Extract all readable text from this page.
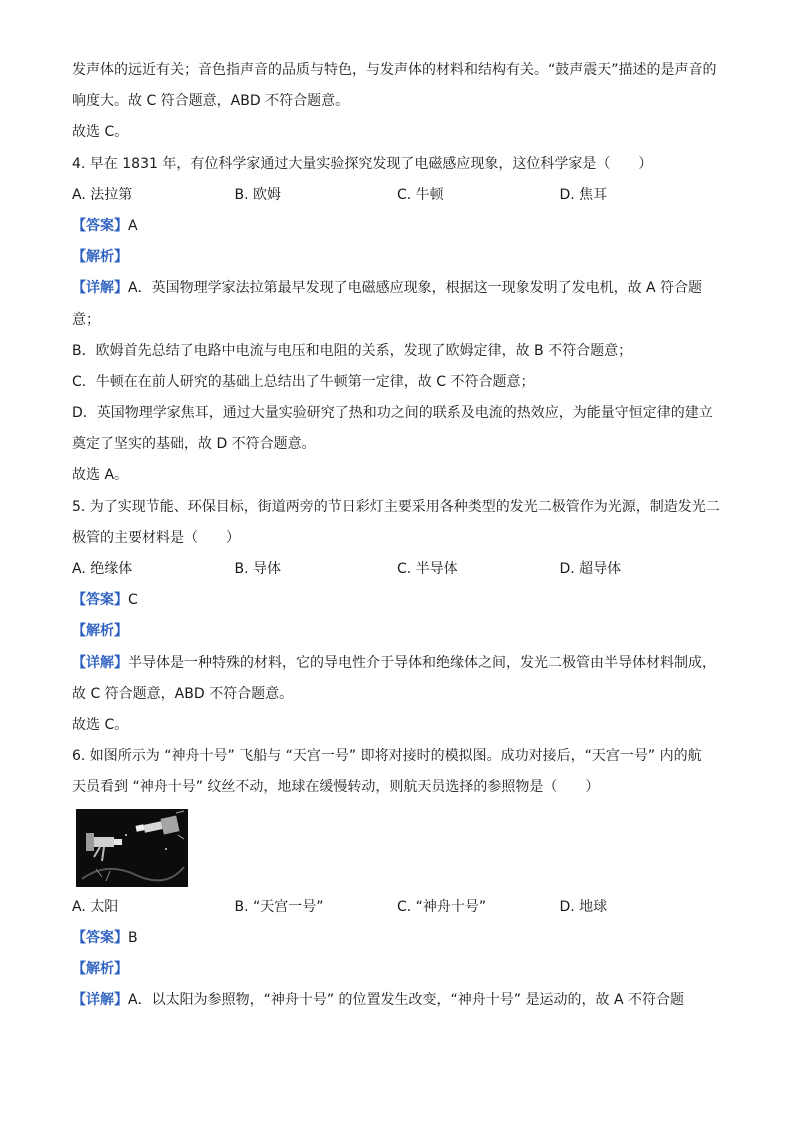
发声体的远近有关；音色指声音的品质与特色，与发声体的材料和结构有关。“鼓声震天”描述的是声音的
响度大。故 C 符合题意，ABD 不符合题意。
故选 C。
4. 早在 1831 年，有位科学家通过大量实验探究发现了电磁感应现象，这位科学家是（　　）
A. 法拉第	B. 欧姆	C. 牛顿	D. 焦耳
【答案】A
【解析】
【详解】A．英国物理学家法拉第最早发现了电磁感应现象，根据这一现象发明了发电机，故 A 符合题
意；
B．欧姆首先总结了电路中电流与电压和电阻的关系，发现了欧姆定律，故 B 不符合题意；
C．牛顿在在前人研究的基础上总结出了牛顿第一定律，故 C 不符合题意；
D．英国物理学家焦耳，通过大量实验研究了热和功之间的联系及电流的热效应，为能量守恒定律的建立
奠定了坚实的基础，故 D 不符合题意。
故选 A。
5. 为了实现节能、环保目标，街道两旁的节日彩灯主要采用各种类型的发光二极管作为光源，制造发光二
极管的主要材料是（　　）
A. 绝缘体	B. 导体	C. 半导体	D. 超导体
【答案】C
【解析】
【详解】半导体是一种特殊的材料，它的导电性介于导体和绝缘体之间，发光二极管由半导体材料制成，
故 C 符合题意，ABD 不符合题意。
故选 C。
6. 如图所示为 “神舟十号” 飞船与 “天宫一号” 即将对接时的模拟图。成功对接后，“天宫一号” 内的航
天员看到 “神舟十号” 纹丝不动，地球在缓慢转动，则航天员选择的参照物是（　　）
A. 太阳	B. “天宫一号”	C. “神舟十号”	D. 地球
【答案】B
【解析】
【详解】A．以太阳为参照物，“神舟十号” 的位置发生改变，“神舟十号” 是运动的，故 A 不符合题
